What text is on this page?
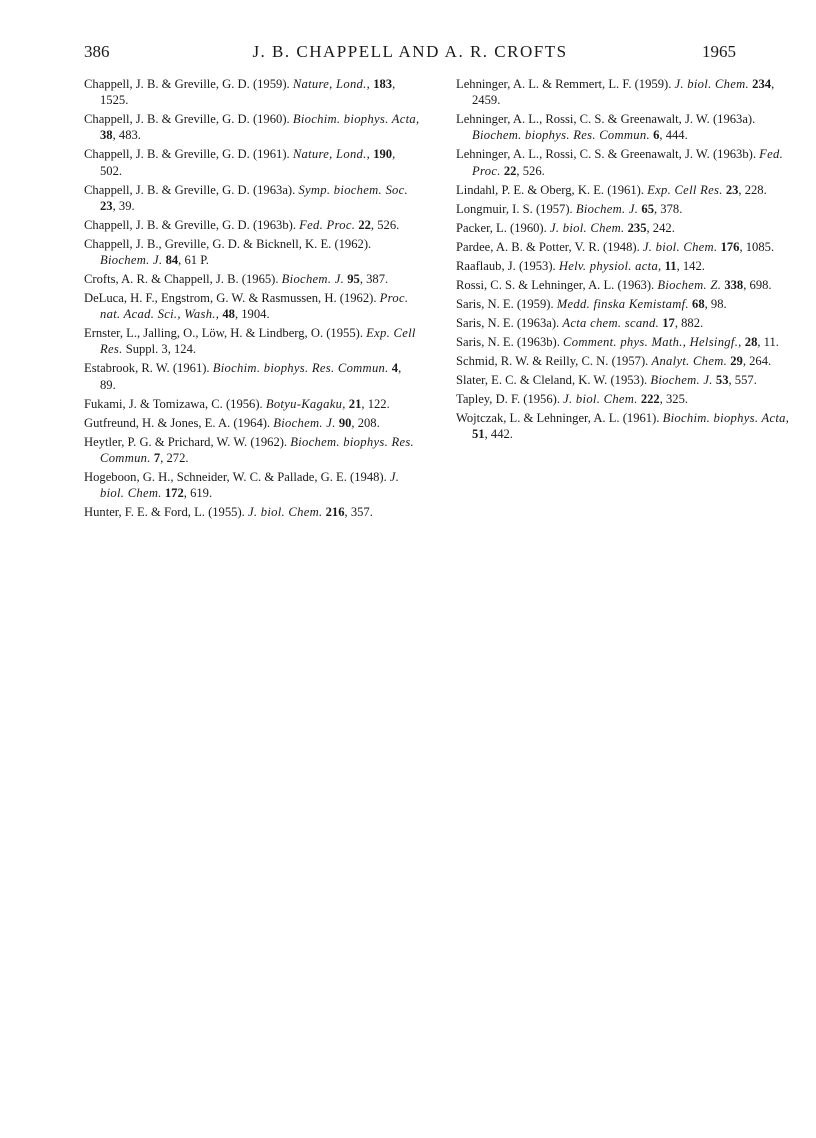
386	J. B. CHAPPELL AND A. R. CROFTS	1965

Chappell, J. B. & Greville, G. D. (1959). Nature, Lond., 183, 1525.

Chappell, J. B. & Greville, G. D. (1960). Biochim. biophys. Acta, 38, 483.

Chappell, J. B. & Greville, G. D. (1961). Nature, Lond., 190, 502.

Chappell, J. B. & Greville, G. D. (1963a). Symp. biochem. Soc. 23, 39.

Chappell, J. B. & Greville, G. D. (1963b). Fed. Proc. 22, 526.

Chappell, J. B., Greville, G. D. & Bicknell, K. E. (1962). Biochem. J. 84, 61 P.

Crofts, A. R. & Chappell, J. B. (1965). Biochem. J. 95, 387.

DeLuca, H. F., Engstrom, G. W. & Rasmussen, H. (1962). Proc. nat. Acad. Sci., Wash., 48, 1904.

Ernster, L., Jalling, O., Löw, H. & Lindberg, O. (1955). Exp. Cell Res. Suppl. 3, 124.

Estabrook, R. W. (1961). Biochim. biophys. Res. Commun. 4, 89.

Fukami, J. & Tomizawa, C. (1956). Botyu-Kagaku, 21, 122.

Gutfreund, H. & Jones, E. A. (1964). Biochem. J. 90, 208.

Heytler, P. G. & Prichard, W. W. (1962). Biochem. biophys. Res. Commun. 7, 272.

Hogeboon, G. H., Schneider, W. C. & Pallade, G. E. (1948). J. biol. Chem. 172, 619.

Hunter, F. E. & Ford, L. (1955). J. biol. Chem. 216, 357.

Lehninger, A. L. & Remmert, L. F. (1959). J. biol. Chem. 234, 2459.

Lehninger, A. L., Rossi, C. S. & Greenawalt, J. W. (1963a). Biochem. biophys. Res. Commun. 6, 444.

Lehninger, A. L., Rossi, C. S. & Greenawalt, J. W. (1963b). Fed. Proc. 22, 526.

Lindahl, P. E. & Oberg, K. E. (1961). Exp. Cell Res. 23, 228.

Longmuir, I. S. (1957). Biochem. J. 65, 378.

Packer, L. (1960). J. biol. Chem. 235, 242.

Pardee, A. B. & Potter, V. R. (1948). J. biol. Chem. 176, 1085.

Raaflaub, J. (1953). Helv. physiol. acta, 11, 142.

Rossi, C. S. & Lehninger, A. L. (1963). Biochem. Z. 338, 698.

Saris, N. E. (1959). Medd. finska Kemistamf. 68, 98.

Saris, N. E. (1963a). Acta chem. scand. 17, 882.

Saris, N. E. (1963b). Comment. phys. Math., Helsingf., 28, 11.

Schmid, R. W. & Reilly, C. N. (1957). Analyt. Chem. 29, 264.

Slater, E. C. & Cleland, K. W. (1953). Biochem. J. 53, 557.

Tapley, D. F. (1956). J. biol. Chem. 222, 325.

Wojtczak, L. & Lehninger, A. L. (1961). Biochim. biophys. Acta, 51, 442.
